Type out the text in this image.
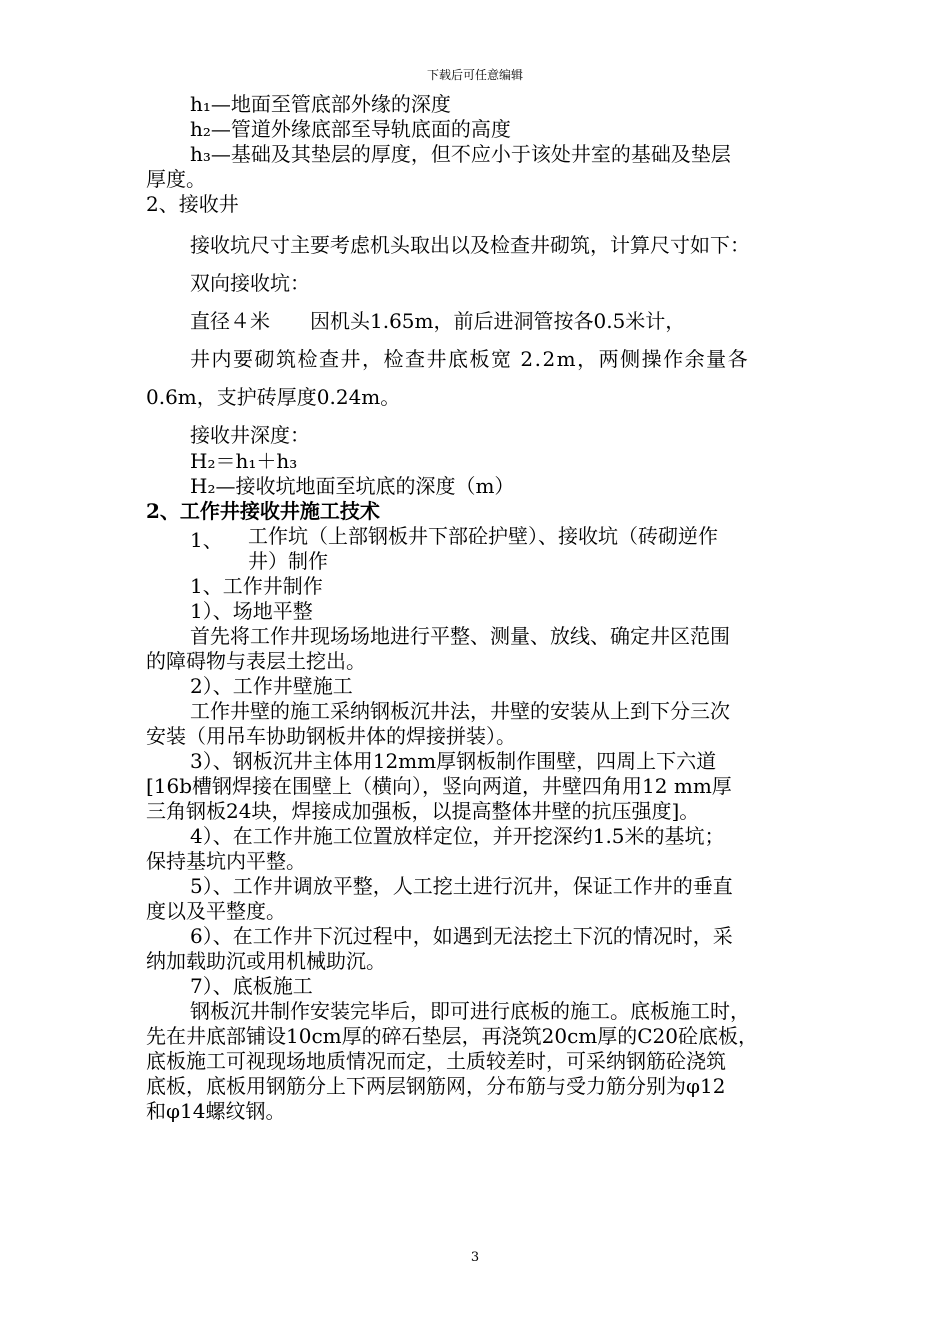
下载后可任意编辑

h₁—地面至管底部外缘的深度

h₂—管道外缘底部至导轨底面的高度

h₃—基础及其垫层的厚度，但不应小于该处井室的基础及垫层

厚度。

2、接收井

接收坑尺寸主要考虑机头取出以及检查井砌筑，计算尺寸如下：

双向接收坑：

直径４米　　因机头1.65m，前后进洞管按各0.5米计，

井内要砌筑检查井，检查井底板宽 2.2m，两侧操作余量各

0.6m，支护砖厚度0.24m。

接收井深度：

H₂＝h₁＋h₃

H₂—接收坑地面至坑底的深度（m）

2、工作井接收井施工技术

1、	工作坑（上部钢板井下部砼护壁）、接收坑（砖砌逆作

井）制作

1、工作井制作

1）、场地平整

首先将工作井现场场地进行平整、测量、放线、确定井区范围

的障碍物与表层土挖出。

2）、工作井壁施工

工作井壁的施工采纳钢板沉井法，井壁的安装从上到下分三次

安装（用吊车协助钢板井体的焊接拼装）。

3）、钢板沉井主体用12mm厚钢板制作围壁，四周上下六道

[16b槽钢焊接在围壁上（横向），竖向两道，井壁四角用12 mm厚

三角钢板24块，焊接成加强板，以提高整体井壁的抗压强度]。

4）、在工作井施工位置放样定位，并开挖深约1.5米的基坑；

保持基坑内平整。

5）、工作井调放平整，人工挖土进行沉井，保证工作井的垂直

度以及平整度。

6）、在工作井下沉过程中，如遇到无法挖土下沉的情况时，采

纳加载助沉或用机械助沉。

7）、底板施工

钢板沉井制作安装完毕后，即可进行底板的施工。底板施工时，

先在井底部铺设10cm厚的碎石垫层，再浇筑20cm厚的C20砼底板，

底板施工可视现场地质情况而定，土质较差时，可采纳钢筋砼浇筑

底板，底板用钢筋分上下两层钢筋网，分布筋与受力筋分别为φ12

和φ14螺纹钢。

3
